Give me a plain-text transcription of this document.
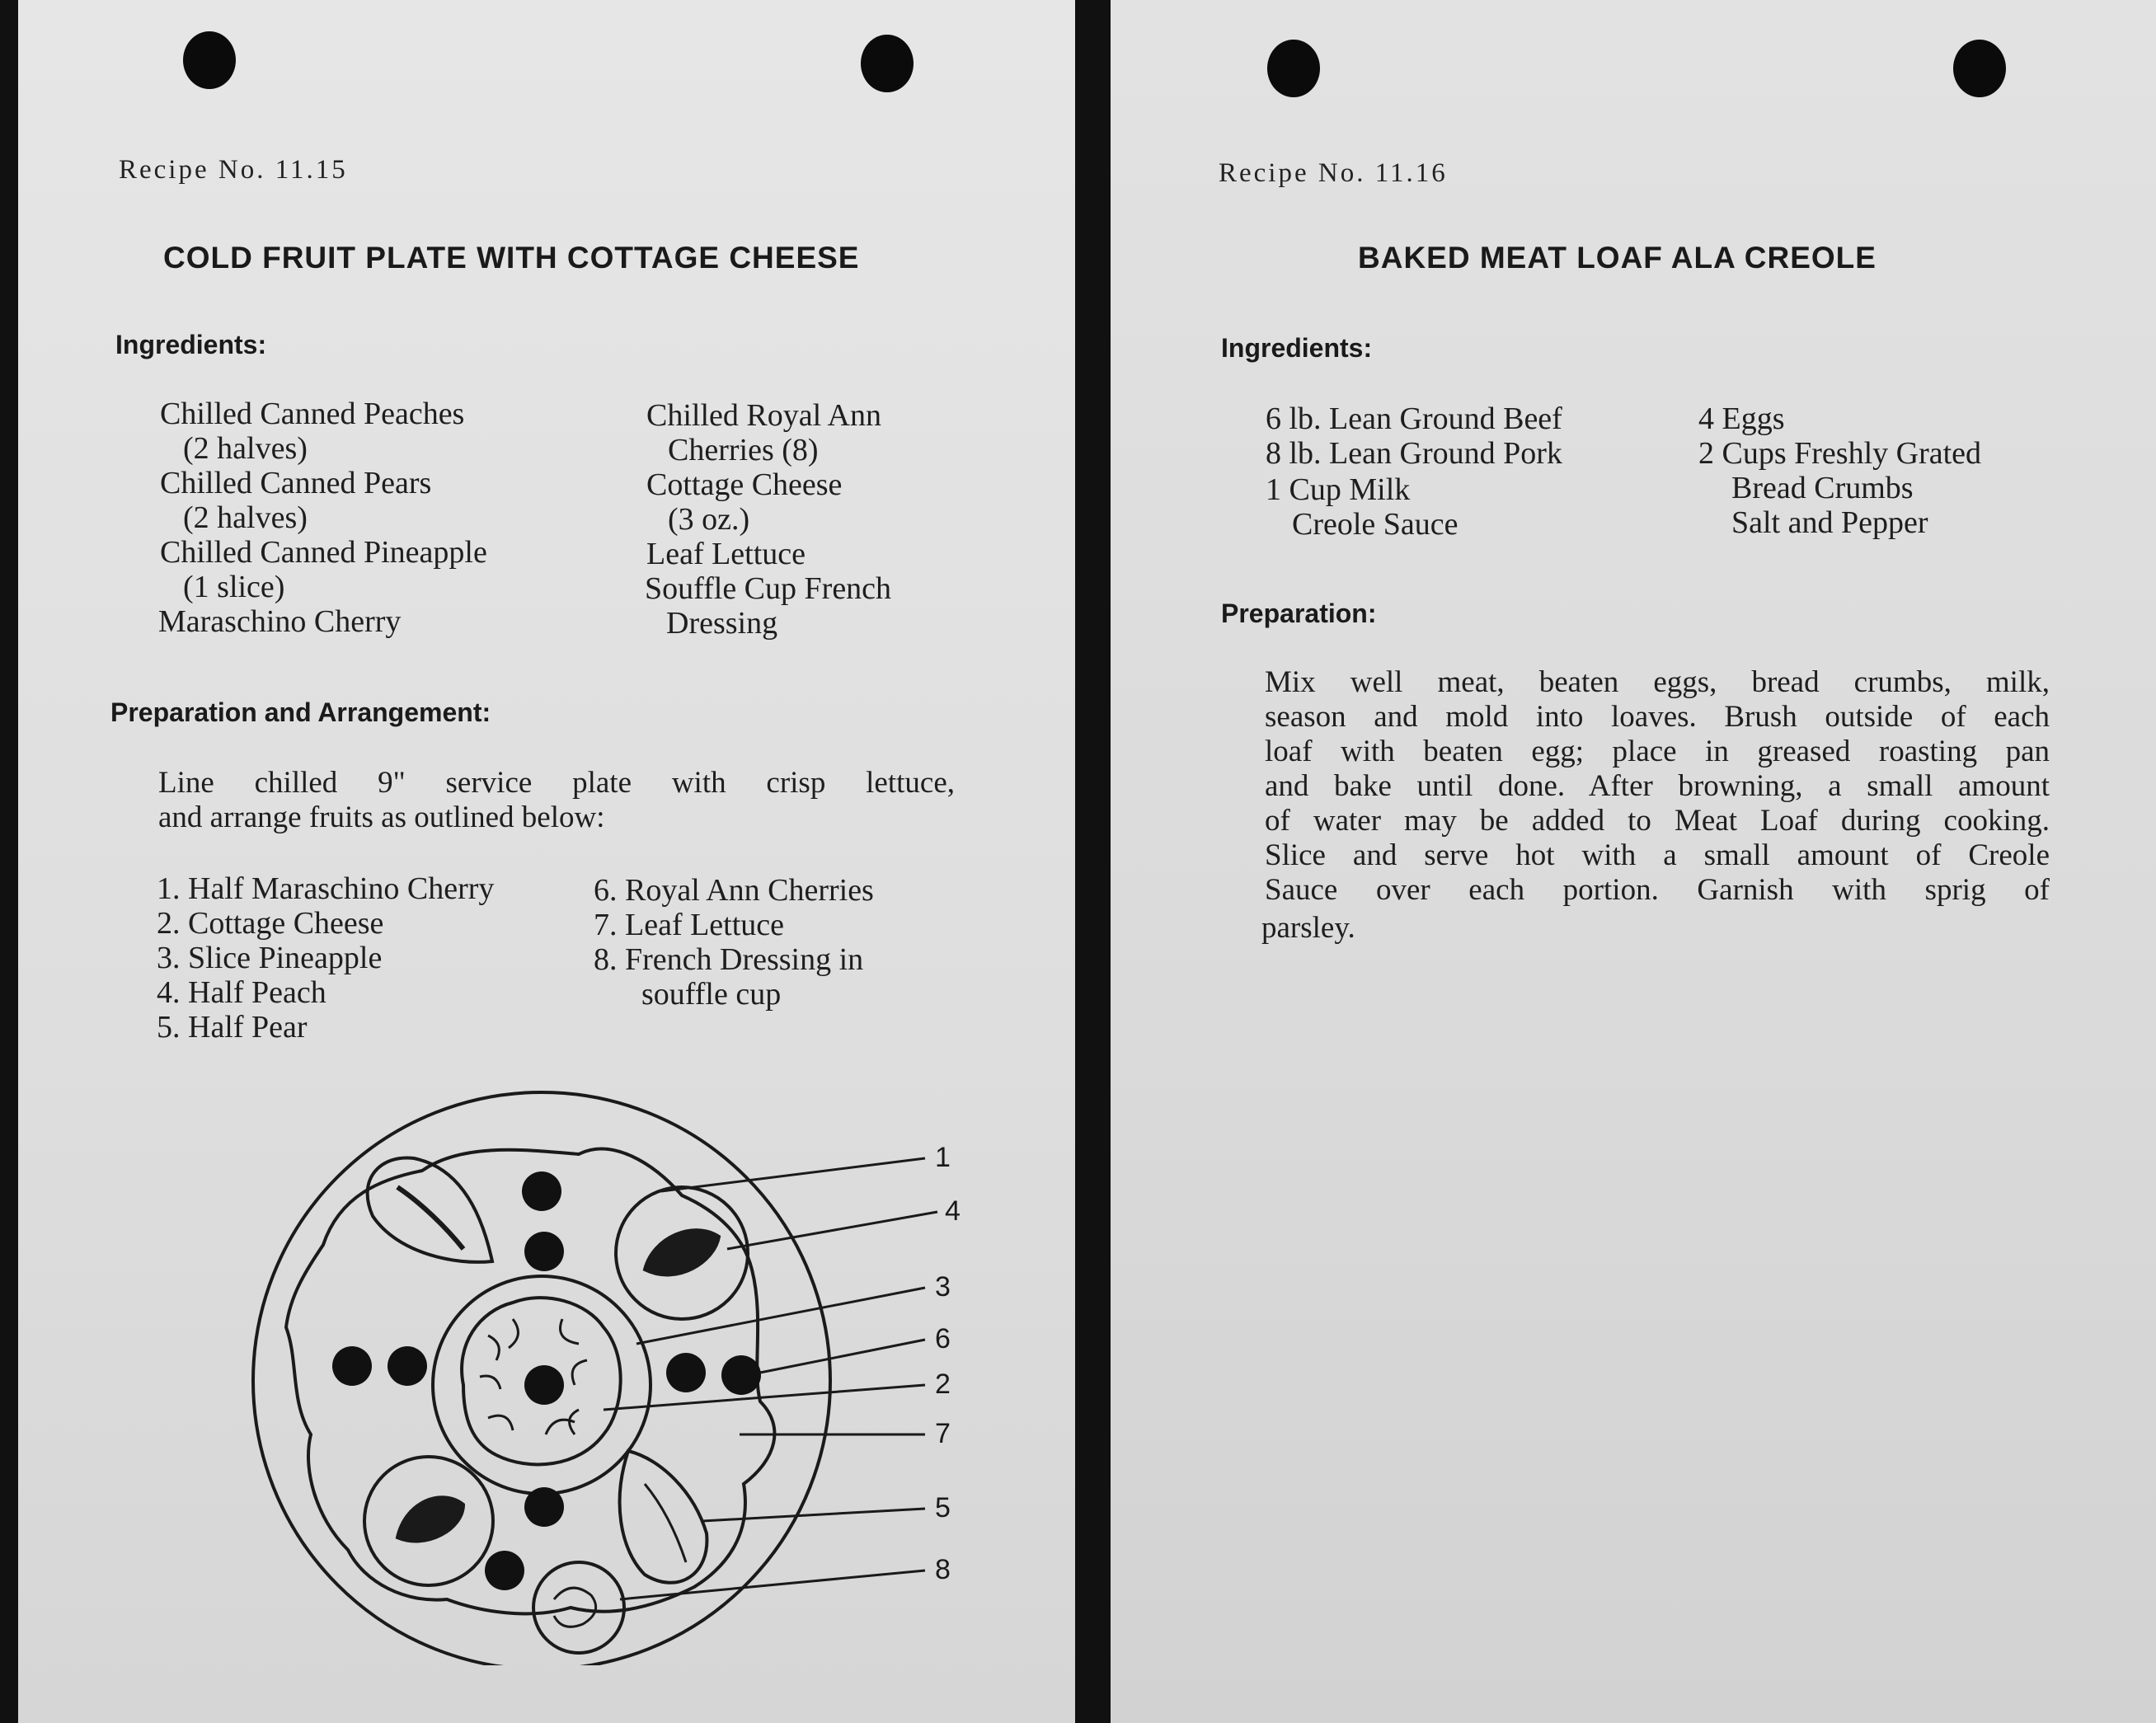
Recipe No. 11.15
COLD FRUIT PLATE WITH COTTAGE CHEESE
Ingredients:
Chilled Canned Peaches
(2 halves)
Chilled Canned Pears
(2 halves)
Chilled Canned Pineapple
(1 slice)
Maraschino Cherry
Chilled Royal Ann
Cherries (8)
Cottage Cheese
(3 oz.)
Leaf Lettuce
Souffle Cup French
Dressing
Preparation and Arrangement:
Line chilled 9" service plate with crisp lettuce,
and arrange fruits as outlined below:
1. Half Maraschino Cherry
2. Cottage Cheese
3. Slice Pineapple
4. Half Peach
5. Half Pear
6. Royal Ann Cherries
7. Leaf Lettuce
8. French Dressing in
souffle cup
1
4
3
6
2
7
5
8
Recipe No. 11.16
BAKED MEAT LOAF ALA CREOLE
Ingredients:
6 lb. Lean Ground Beef
8 lb. Lean Ground Pork
1 Cup Milk
Creole Sauce
4 Eggs
2 Cups Freshly Grated
Bread Crumbs
Salt and Pepper
Preparation:
Mix well meat, beaten eggs, bread crumbs, milk,
season and mold into loaves. Brush outside of each
loaf with beaten egg; place in greased roasting pan
and bake until done. After browning, a small amount
of water may be added to Meat Loaf during cooking.
Slice and serve hot with a small amount of Creole
Sauce over each portion. Garnish with sprig of
parsley.
